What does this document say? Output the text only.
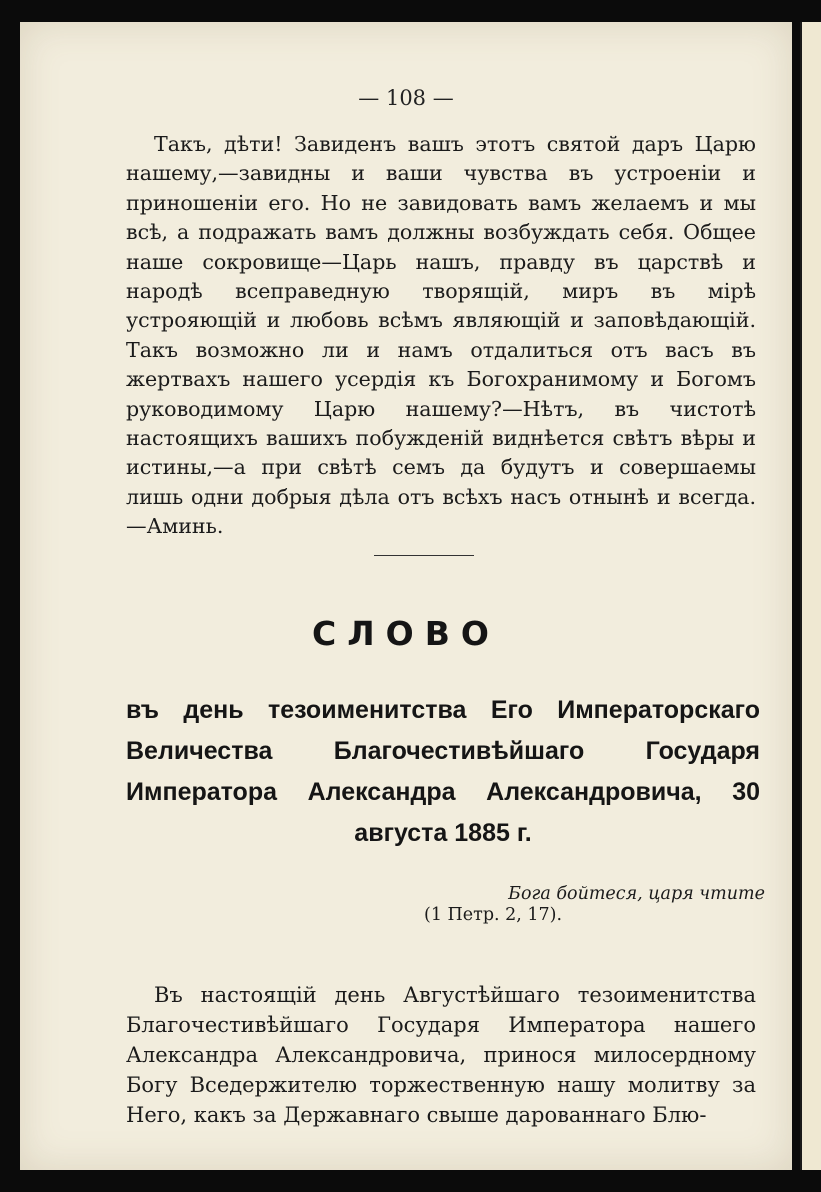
— 108 —

Такъ, дѣти! Завиденъ вашъ этотъ святой даръ Царю нашему,—завидны и ваши чувства въ устроеніи и приношеніи его. Но не завидовать вамъ желаемъ и мы всѣ, а подражать вамъ должны возбуждать себя. Общее наше сокровище—Царь нашъ, правду въ царствѣ и народѣ всеправедную творящій, миръ въ мірѣ устрояющій и любовь всѣмъ являющій и заповѣдающій. Такъ возможно ли и намъ отдалиться отъ васъ въ жертвахъ нашего усердія къ Богохранимому и Богомъ руководимому Царю нашему?—Нѣтъ, въ чистотѣ настоящихъ вашихъ побужденій виднѣется свѣтъ вѣры и истины,—а при свѣтѣ семъ да будутъ и совершаемы лишь одни добрыя дѣла отъ всѣхъ насъ отнынѣ и всегда.—Аминь.

СЛОВО

въ день тезоименитства Его Императорскаго Величества Благочестивѣйшаго Государя Императора Александра Александровича, 30 августа 1885 г.

Бога бойтеся, царя чтите
(1 Петр. 2, 17).

Въ настоящій день Августѣйшаго тезоименитства Благочестивѣйшаго Государя Императора нашего Александра Александровича, принося милосердному Богу Вседержителю торжественную нашу молитву за Него, какъ за Державнаго свыше дарованнаго Блю-
